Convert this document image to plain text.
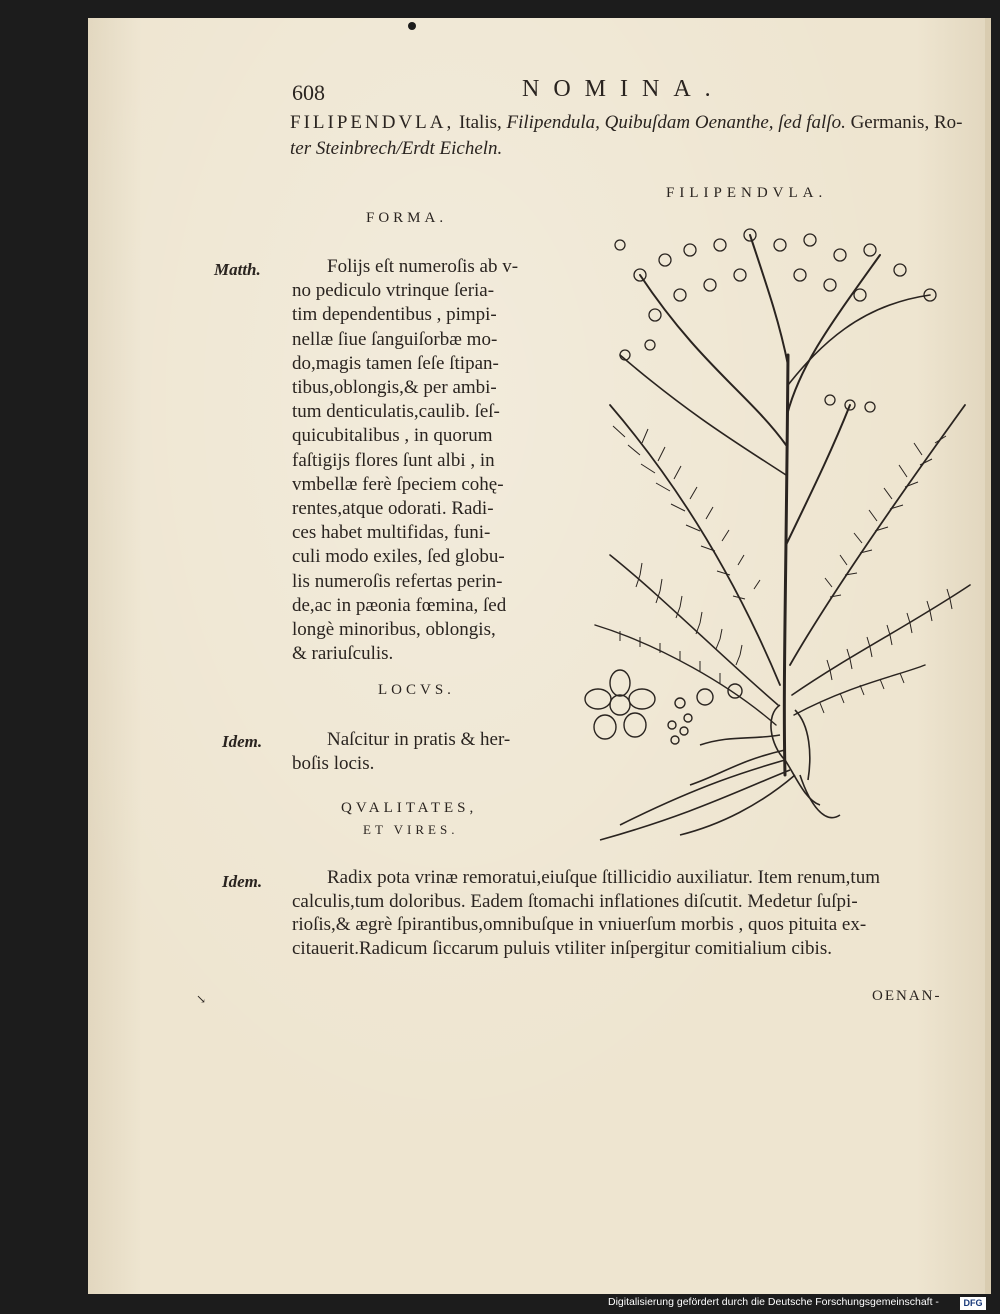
608	NOMINA.
FILIPENDVLA, Italis, Filipendula, Quibuſdam Oenanthe, ſed falſo. Germanis, Ro-
ter Steinbrech/Erdt Eicheln.
FILIPENDVLA.
FORMA.
Matth.	Folijs eſt numeroſis ab v-
no pediculo vtrinque ſeria-
tim dependentibus , pimpi-
nellæ ſiue ſanguiſorbæ mo-
do,magis tamen ſeſe ſtipan-
tibus,oblongis,& per ambi-
tum denticulatis,caulib. ſeſ-
quicubitalibus , in quorum
faſtigijs flores ſunt albi , in
vmbellæ ferè ſpeciem cohę-
rentes,atque odorati. Radi-
ces habet multifidas, funi-
culi modo exiles, ſed globu-
lis numeroſis refertas perin-
de,ac in pæonia fœmina, ſed
longè minoribus, oblongis,
& rariuſculis.
LOCVS.
Idem.	Naſcitur in pratis & her-
boſis locis.
QVALITATES,
ET VIRES.
Idem.	Radix pota vrinæ remoratui,eiuſque ſtillicidio auxiliatur. Item renum,tum
calculis,tum doloribus. Eadem ſtomachi inflationes diſcutit. Medetur ſuſpi-
rioſis,& ægrè ſpirantibus,omnibuſque in vniuerſum morbis , quos pituita ex-
citauerit.Radicum ſiccarum puluis vtiliter inſpergitur comitialium cibis.
OENAN-
↘
Digitalisierung gefördert durch die Deutsche Forschungsgemeinschaft -	DFG
